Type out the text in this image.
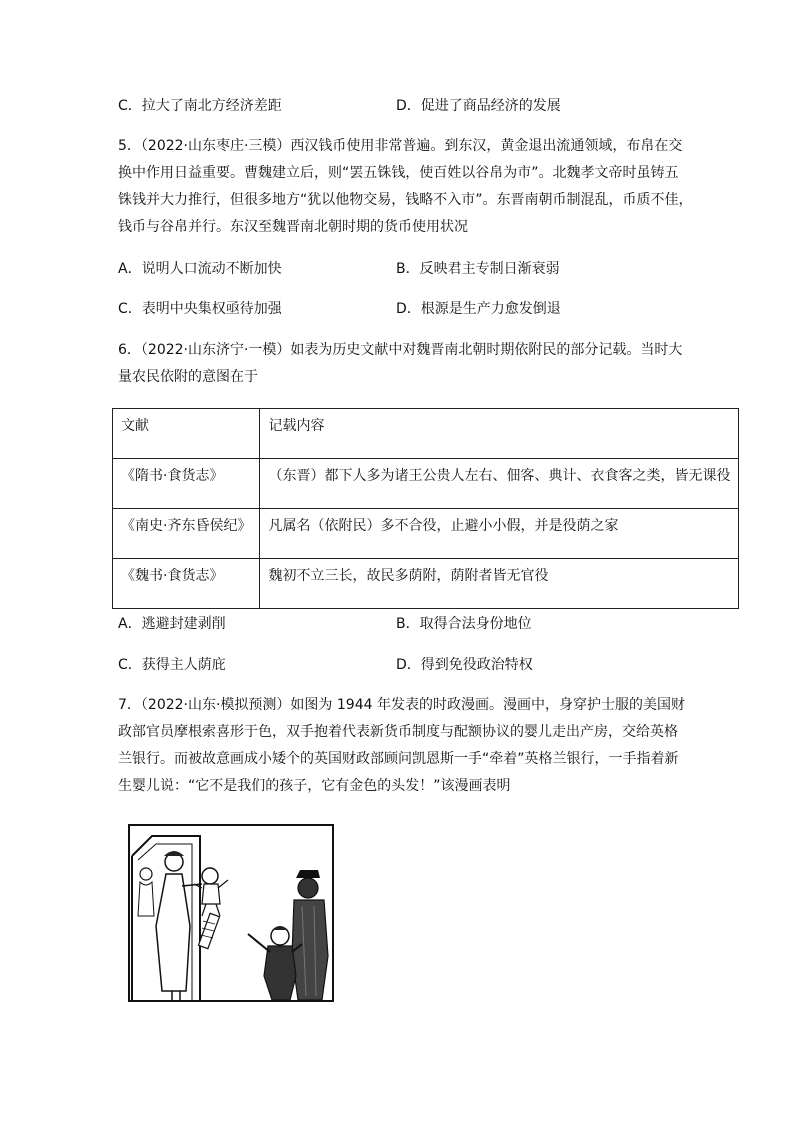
C．拉大了南北方经济差距	D．促进了商品经济的发展
5．（2022·山东枣庄·三模）西汉钱币使用非常普遍。到东汉，黄金退出流通领域，布帛在交
换中作用日益重要。曹魏建立后，则“罢五铢钱，使百姓以谷帛为市”。北魏孝文帝时虽铸五
铢钱并大力推行，但很多地方“犹以他物交易，钱略不入市”。东晋南朝币制混乱，币质不佳，
钱币与谷帛并行。东汉至魏晋南北朝时期的货币使用状况
A．说明人口流动不断加快	B．反映君主专制日渐衰弱
C．表明中央集权亟待加强	D．根源是生产力愈发倒退
6．（2022·山东济宁·一模）如表为历史文献中对魏晋南北朝时期依附民的部分记载。当时大
量农民依附的意图在于
文献	记载内容
《隋书·食货志》	（东晋）都下人多为诸王公贵人左右、佃客、典计、衣食客之类，皆无课役
《南史·齐东昏侯纪》	凡属名（依附民）多不合役，止避小小假，并是役荫之家
《魏书·食货志》	魏初不立三长，故民多荫附，荫附者皆无官役
A．逃避封建剥削	B．取得合法身份地位
C．获得主人荫庇	D．得到免役政治特权
7．（2022·山东·模拟预测）如图为 1944 年发表的时政漫画。漫画中，身穿护士服的美国财
政部官员摩根索喜形于色，双手抱着代表新货币制度与配额协议的婴儿走出产房，交给英格
兰银行。而被故意画成小矮个的英国财政部顾问凯恩斯一手“牵着”英格兰银行，一手指着新
生婴儿说：“它不是我们的孩子，它有金色的头发！”该漫画表明
